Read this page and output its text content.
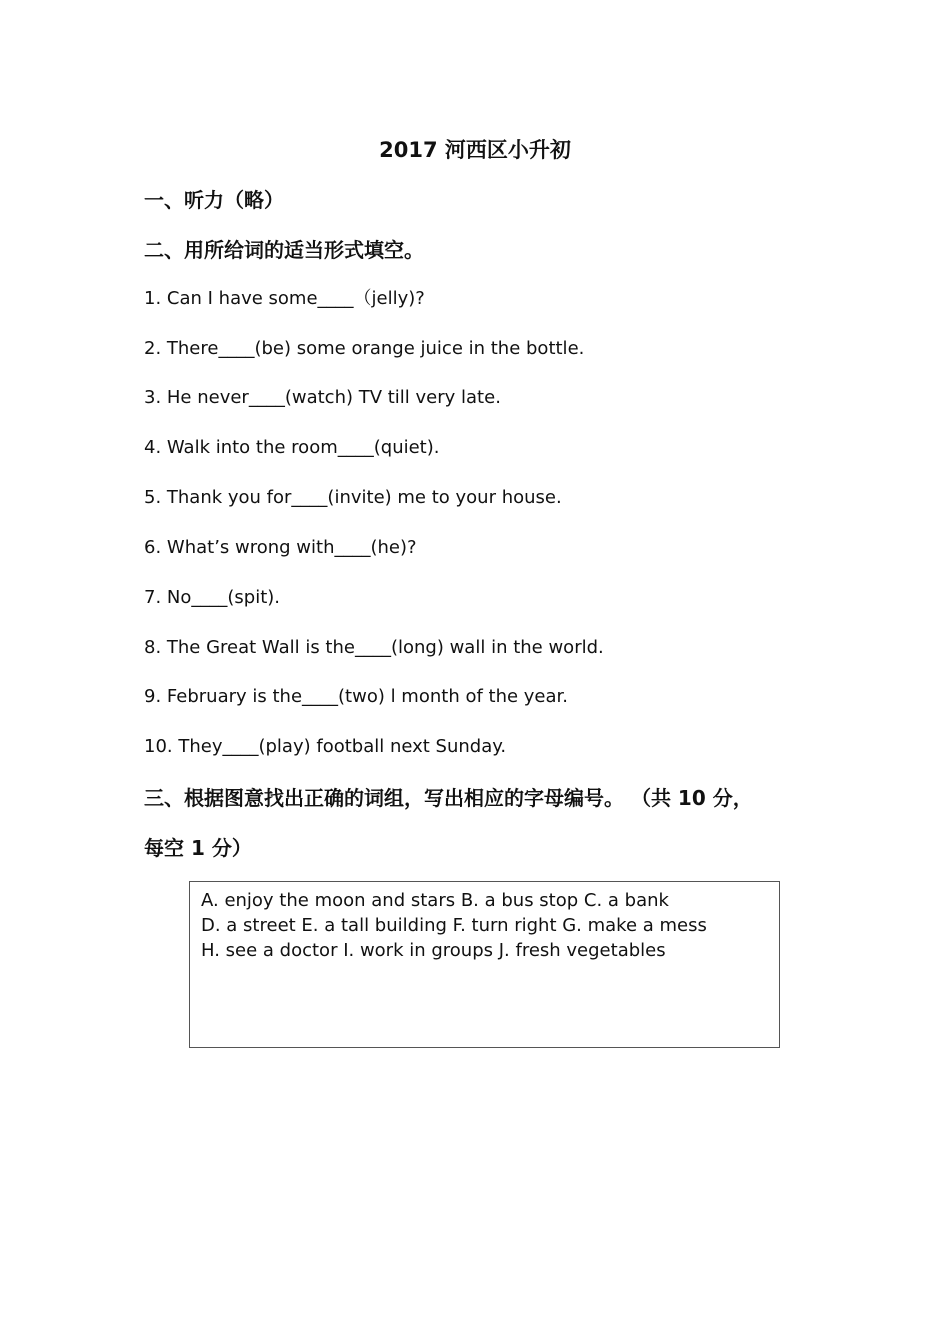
2017 河西区小升初
一、听力（略）
二、用所给词的适当形式填空。
1. Can I have some____（jelly)?
2. There____(be) some orange juice in the bottle.
3. He never____(watch) TV till very late.
4. Walk into the room____(quiet).
5. Thank you for____(invite) me to your house.
6. What’s wrong with____(he)?
7. No____(spit).
8. The Great Wall is the____(long) wall in the world.
9. February is the____(two) l month of the year.
10. They____(play) football next Sunday.
三、根据图意找出正确的词组，写出相应的字母编号。 （共 10 分，
每空 1 分）
A. enjoy the moon and stars B. a bus stop C. a bank
D. a street E. a tall building F. turn right G. make a mess
H. see a doctor I. work in groups J. fresh vegetables
